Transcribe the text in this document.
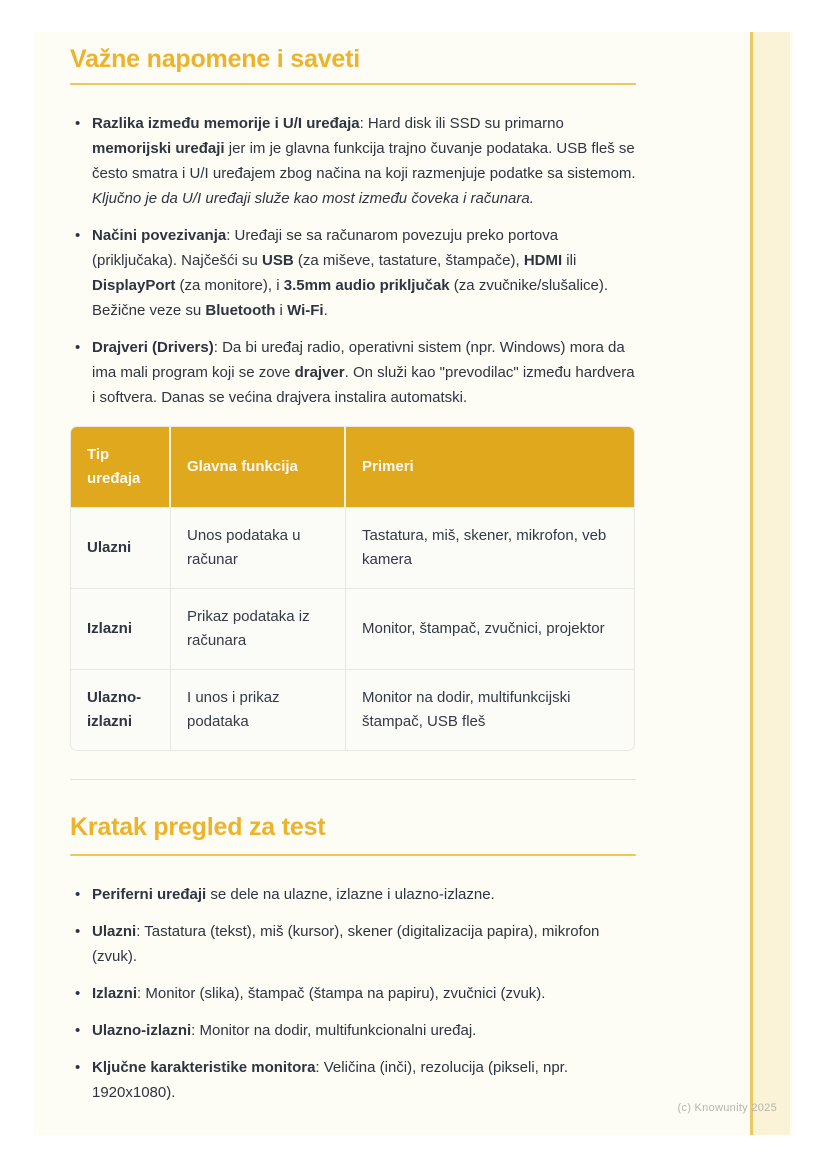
Važne napomene i saveti
• Razlika između memorije i U/I uređaja: Hard disk ili SSD su primarno memorijski uređaji jer im je glavna funkcija trajno čuvanje podataka. USB fleš se često smatra i U/I uređajem zbog načina na koji razmenjuje podatke sa sistemom. Ključno je da U/I uređaji služe kao most između čoveka i računara.
• Načini povezivanja: Uređaji se sa računarom povezuju preko portova (priključaka). Najčešći su USB (za miševe, tastature, štampače), HDMI ili DisplayPort (za monitore), i 3.5mm audio priključak (za zvučnike/slušalice). Bežične veze su Bluetooth i Wi-Fi.
• Drajveri (Drivers): Da bi uređaj radio, operativni sistem (npr. Windows) mora da ima mali program koji se zove drajver. On služi kao "prevodilac" između hardvera i softvera. Danas se većina drajvera instalira automatski.
Tip uređaja	Glavna funkcija	Primeri
Ulazni	Unos podataka u računar	Tastatura, miš, skener, mikrofon, veb kamera
Izlazni	Prikaz podataka iz računara	Monitor, štampač, zvučnici, projektor
Ulazno-izlazni	I unos i prikaz podataka	Monitor na dodir, multifunkcijski štampač, USB fleš
Kratak pregled za test
• Periferni uređaji se dele na ulazne, izlazne i ulazno-izlazne.
• Ulazni: Tastatura (tekst), miš (kursor), skener (digitalizacija papira), mikrofon (zvuk).
• Izlazni: Monitor (slika), štampač (štampa na papiru), zvučnici (zvuk).
• Ulazno-izlazni: Monitor na dodir, multifunkcionalni uređaj.
• Ključne karakteristike monitora: Veličina (inči), rezolucija (pikseli, npr. 1920x1080).
(c) Knowunity 2025
